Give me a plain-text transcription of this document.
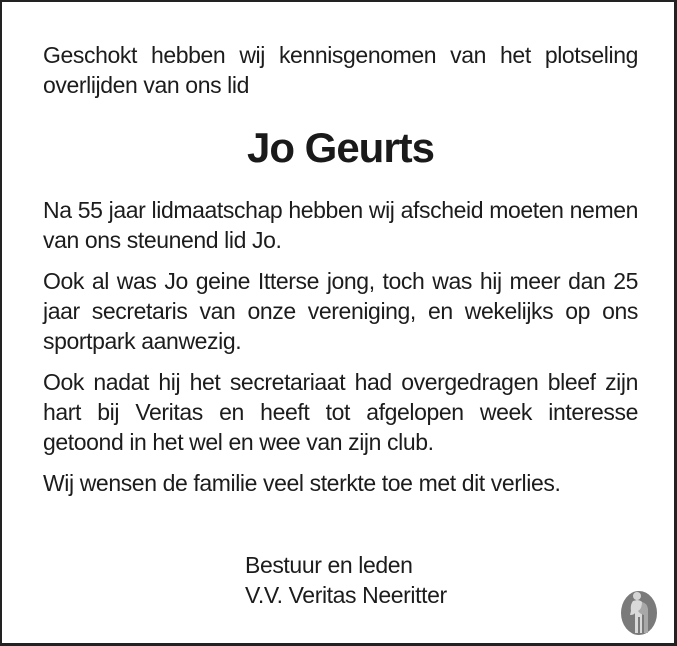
Geschokt hebben wij kennisgenomen van het plotseling overlijden van ons lid

Jo Geurts

Na 55 jaar lidmaatschap hebben wij afscheid moeten nemen van ons steunend lid Jo.

Ook al was Jo geine Itterse jong, toch was hij meer dan 25 jaar secretaris van onze vereniging, en wekelijks op ons sportpark aanwezig.

Ook nadat hij het secretariaat had overgedragen bleef zijn hart bij Veritas en heeft tot afgelopen week interesse getoond in het wel en wee van zijn club.

Wij wensen de familie veel sterkte toe met dit verlies.

Bestuur en leden
V.V. Veritas Neeritter
